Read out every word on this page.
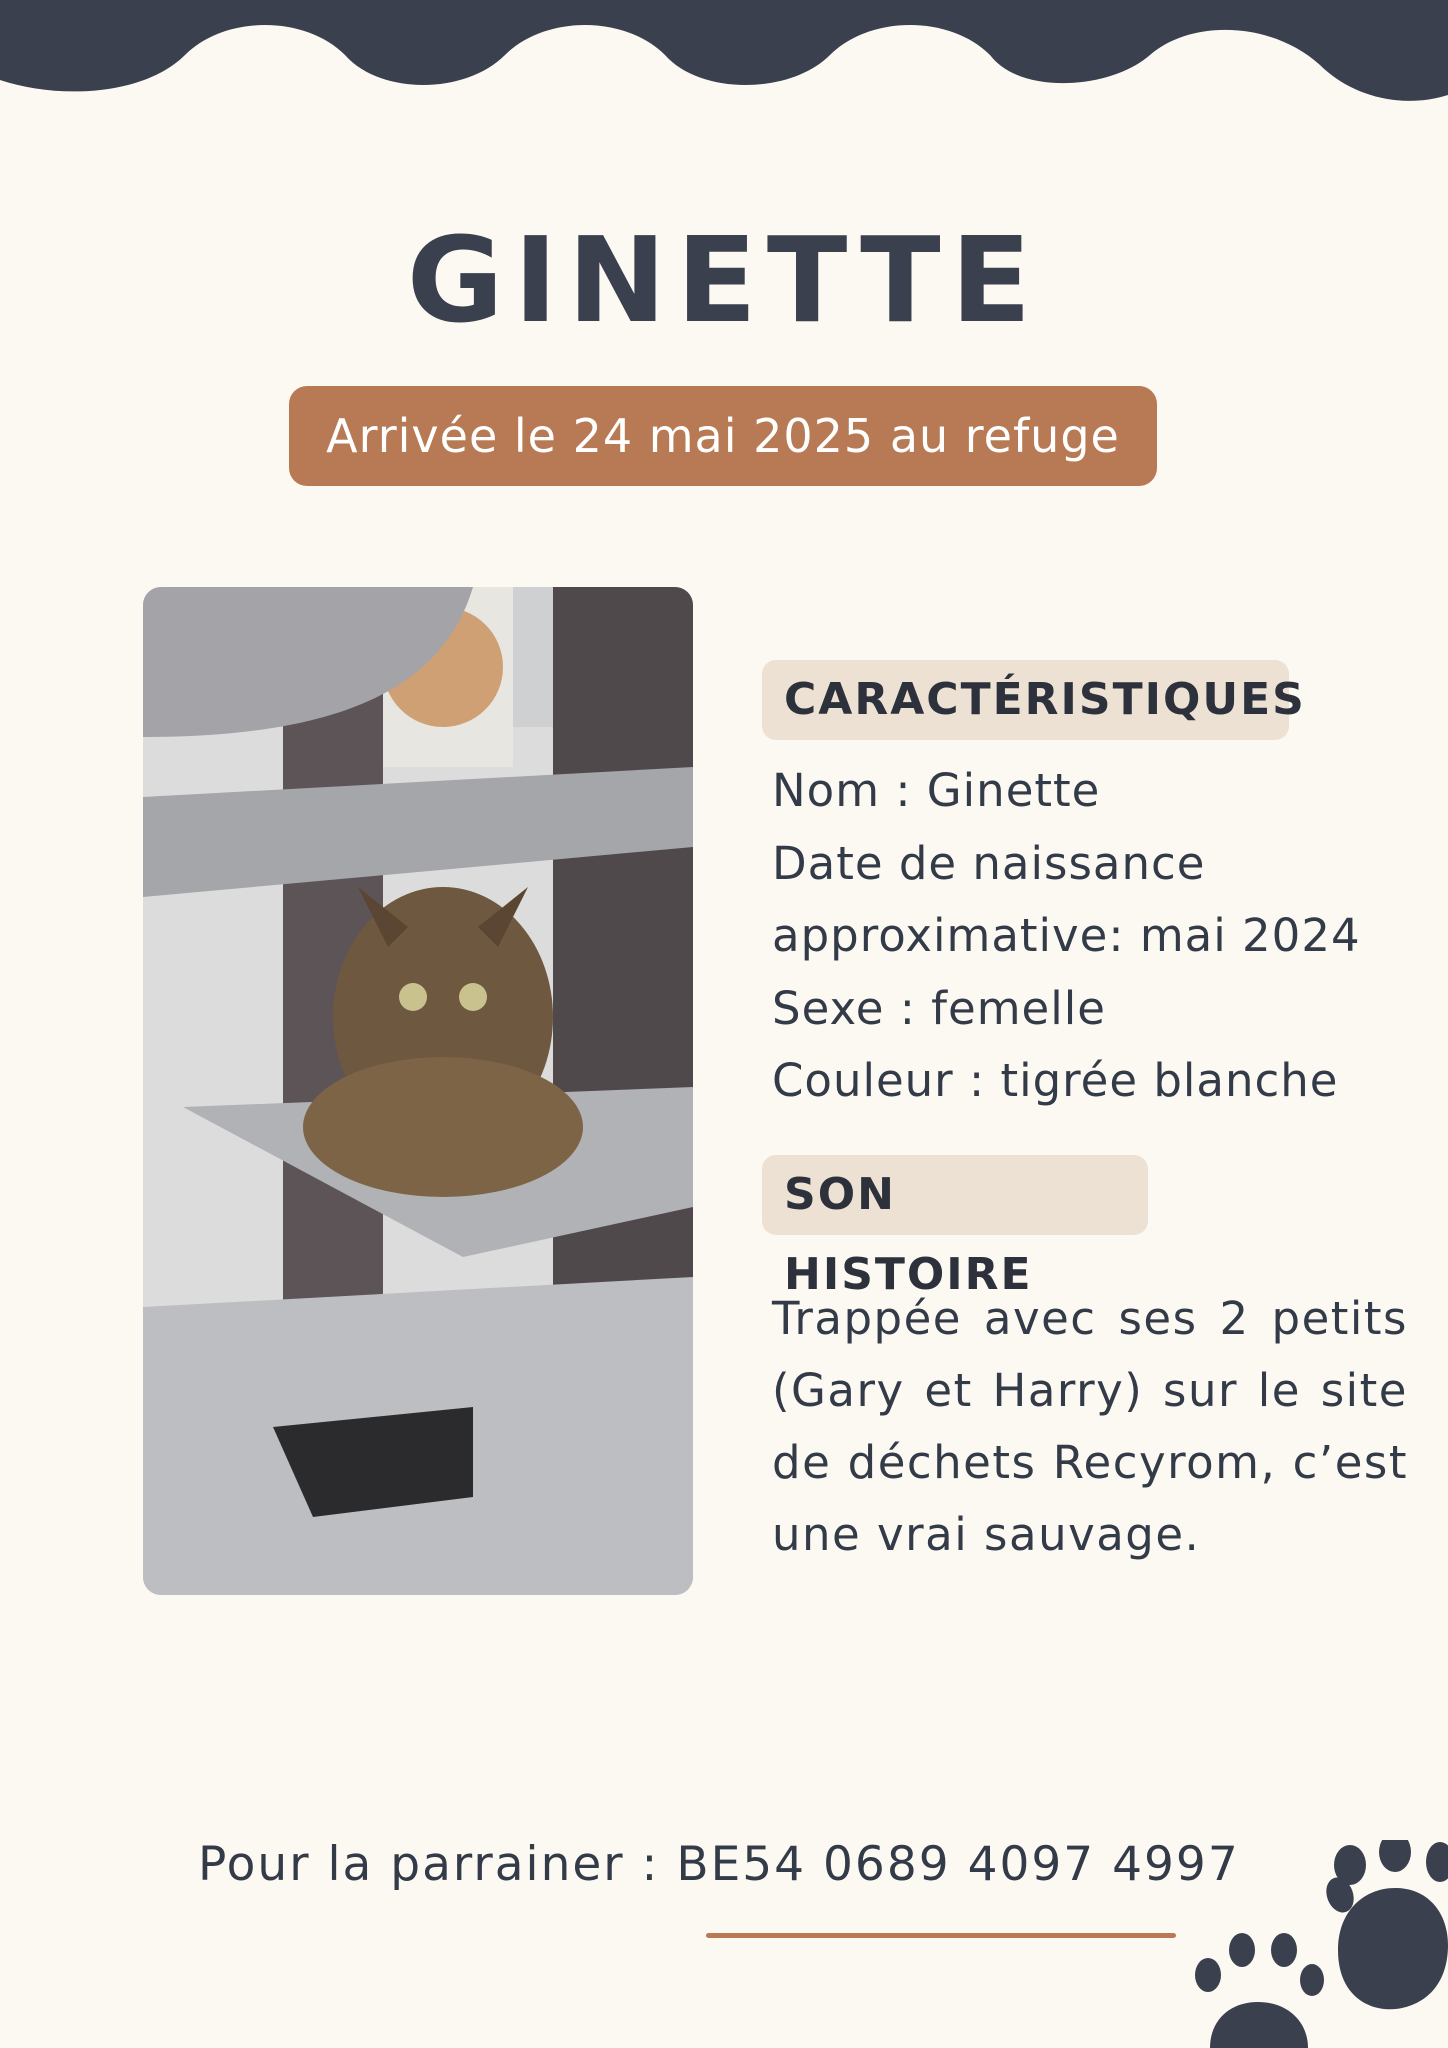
GINETTE
Arrivée le 24 mai 2025 au refuge
CARACTÉRISTIQUES
Nom : Ginette
Date de naissance
approximative: mai 2024
Sexe : femelle
Couleur : tigrée blanche
SON HISTOIRE

Trappée avec ses 2 petits (Gary et Harry) sur le site de déchets Recyrom, c’est une vrai sauvage.

Pour la parrainer : BE54 0689 4097 4997
